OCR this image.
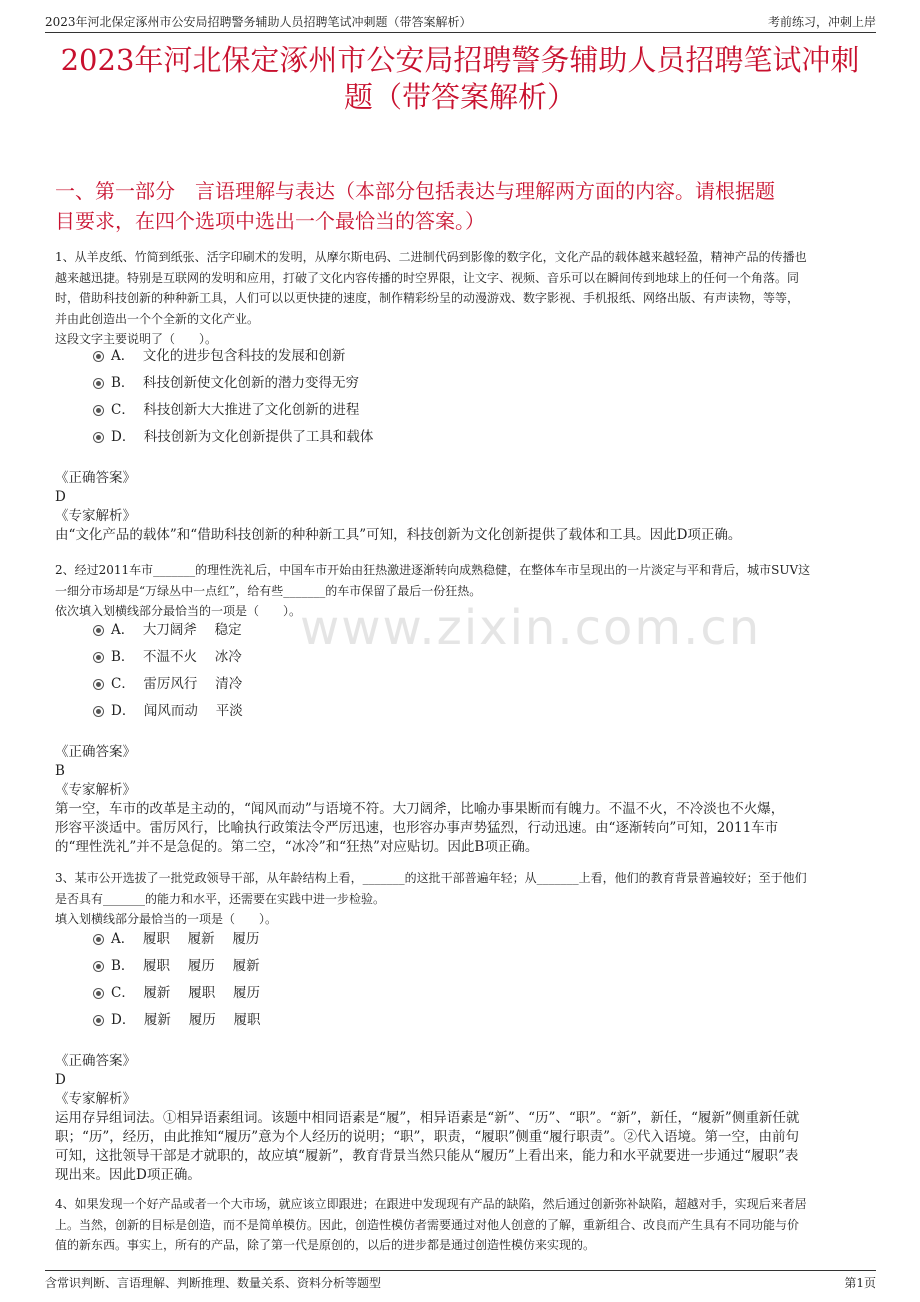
2023年河北保定涿州市公安局招聘警务辅助人员招聘笔试冲刺题（带答案解析）	考前练习，冲刺上岸
2023年河北保定涿州市公安局招聘警务辅助人员招聘笔试冲刺
题（带答案解析）
一、第一部分　言语理解与表达（本部分包括表达与理解两方面的内容。请根据题
目要求，在四个选项中选出一个最恰当的答案。）
www.zixin.com.cn
1、从羊皮纸、竹简到纸张、活字印刷术的发明，从摩尔斯电码、二进制代码到影像的数字化，文化产品的载体越来越轻盈，精神产品的传播也
越来越迅捷。特别是互联网的发明和应用，打破了文化内容传播的时空界限，让文字、视频、音乐可以在瞬间传到地球上的任何一个角落。同
时，借助科技创新的种种新工具，人们可以以更快捷的速度，制作精彩纷呈的动漫游戏、数字影视、手机报纸、网络出版、有声读物，等等，
并由此创造出一个个全新的文化产业。
这段文字主要说明了（　　）。
A．  文化的进步包含科技的发展和创新
B．  科技创新使文化创新的潜力变得无穷
C．  科技创新大大推进了文化创新的进程
D．  科技创新为文化创新提供了工具和载体
《正确答案》
D
《专家解析》
由“文化产品的载体”和“借助科技创新的种种新工具”可知，科技创新为文化创新提供了载体和工具。因此D项正确。
2、经过2011车市_______的理性洗礼后，中国车市开始由狂热激进逐渐转向成熟稳健，在整体车市呈现出的一片淡定与平和背后，城市SUV这
一细分市场却是“万绿丛中一点红”，给有些_______的车市保留了最后一份狂热。
依次填入划横线部分最恰当的一项是（　　）。
A．  大刀阔斧　 稳定
B．  不温不火　 冰冷
C．  雷厉风行　 清冷
D．  闻风而动　 平淡
《正确答案》
B
《专家解析》
第一空，车市的改革是主动的，“闻风而动”与语境不符。大刀阔斧，比喻办事果断而有魄力。不温不火，不冷淡也不火爆，
形容平淡适中。雷厉风行，比喻执行政策法令严厉迅速，也形容办事声势猛烈，行动迅速。由“逐渐转向”可知，2011车市
的“理性洗礼”并不是急促的。第二空，“冰冷”和“狂热”对应贴切。因此B项正确。
3、某市公开选拔了一批党政领导干部，从年龄结构上看，_______的这批干部普遍年轻；从_______上看，他们的教育背景普遍较好；至于他们
是否具有_______的能力和水平，还需要在实践中进一步检验。
填入划横线部分最恰当的一项是（　　）。
A．  履职　 履新　 履历
B．  履职　 履历　 履新
C．  履新　 履职　 履历
D．  履新　 履历　 履职
《正确答案》
D
《专家解析》
运用存异组词法。①相异语素组词。该题中相同语素是“履”，相异语素是“新”、“历”、“职”。“新”，新任，“履新”侧重新任就
职；“历”，经历，由此推知“履历”意为个人经历的说明；“职”，职责，“履职”侧重“履行职责”。②代入语境。第一空，由前句
可知，这批领导干部是才就职的，故应填“履新”，教育背景当然只能从“履历”上看出来，能力和水平就要进一步通过“履职”表
现出来。因此D项正确。
4、如果发现一个好产品或者一个大市场，就应该立即跟进；在跟进中发现现有产品的缺陷，然后通过创新弥补缺陷，超越对手，实现后来者居
上。当然，创新的目标是创造，而不是简单模仿。因此，创造性模仿者需要通过对他人创意的了解，重新组合、改良而产生具有不同功能与价
值的新东西。事实上，所有的产品，除了第一代是原创的，以后的进步都是通过创造性模仿来实现的。
含常识判断、言语理解、判断推理、数量关系、资料分析等题型	第1页
